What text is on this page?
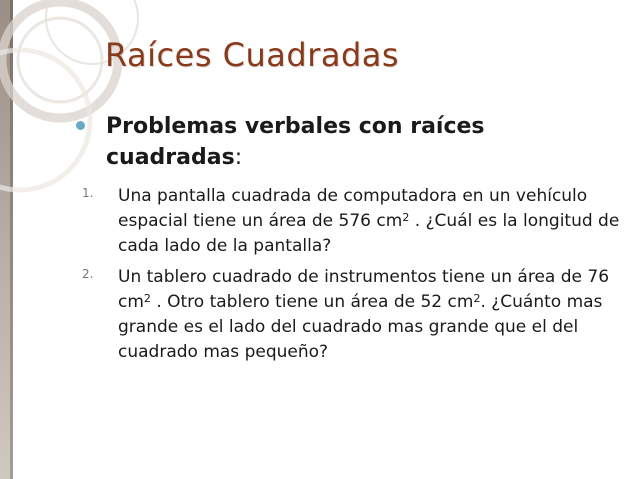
Raíces Cuadradas
Problemas verbales con raíces cuadradas:
1. Una pantalla cuadrada de computadora en un vehículo espacial tiene un área de 576 $cm^2$ . ¿Cuál es la longitud de cada lado de la pantalla?
2. Un tablero cuadrado de instrumentos tiene un área de 76 $cm^2$ . Otro tablero tiene un área de 52 $cm^2$. ¿Cuánto mas grande es el lado del cuadrado mas grande que el del cuadrado mas pequeño?
